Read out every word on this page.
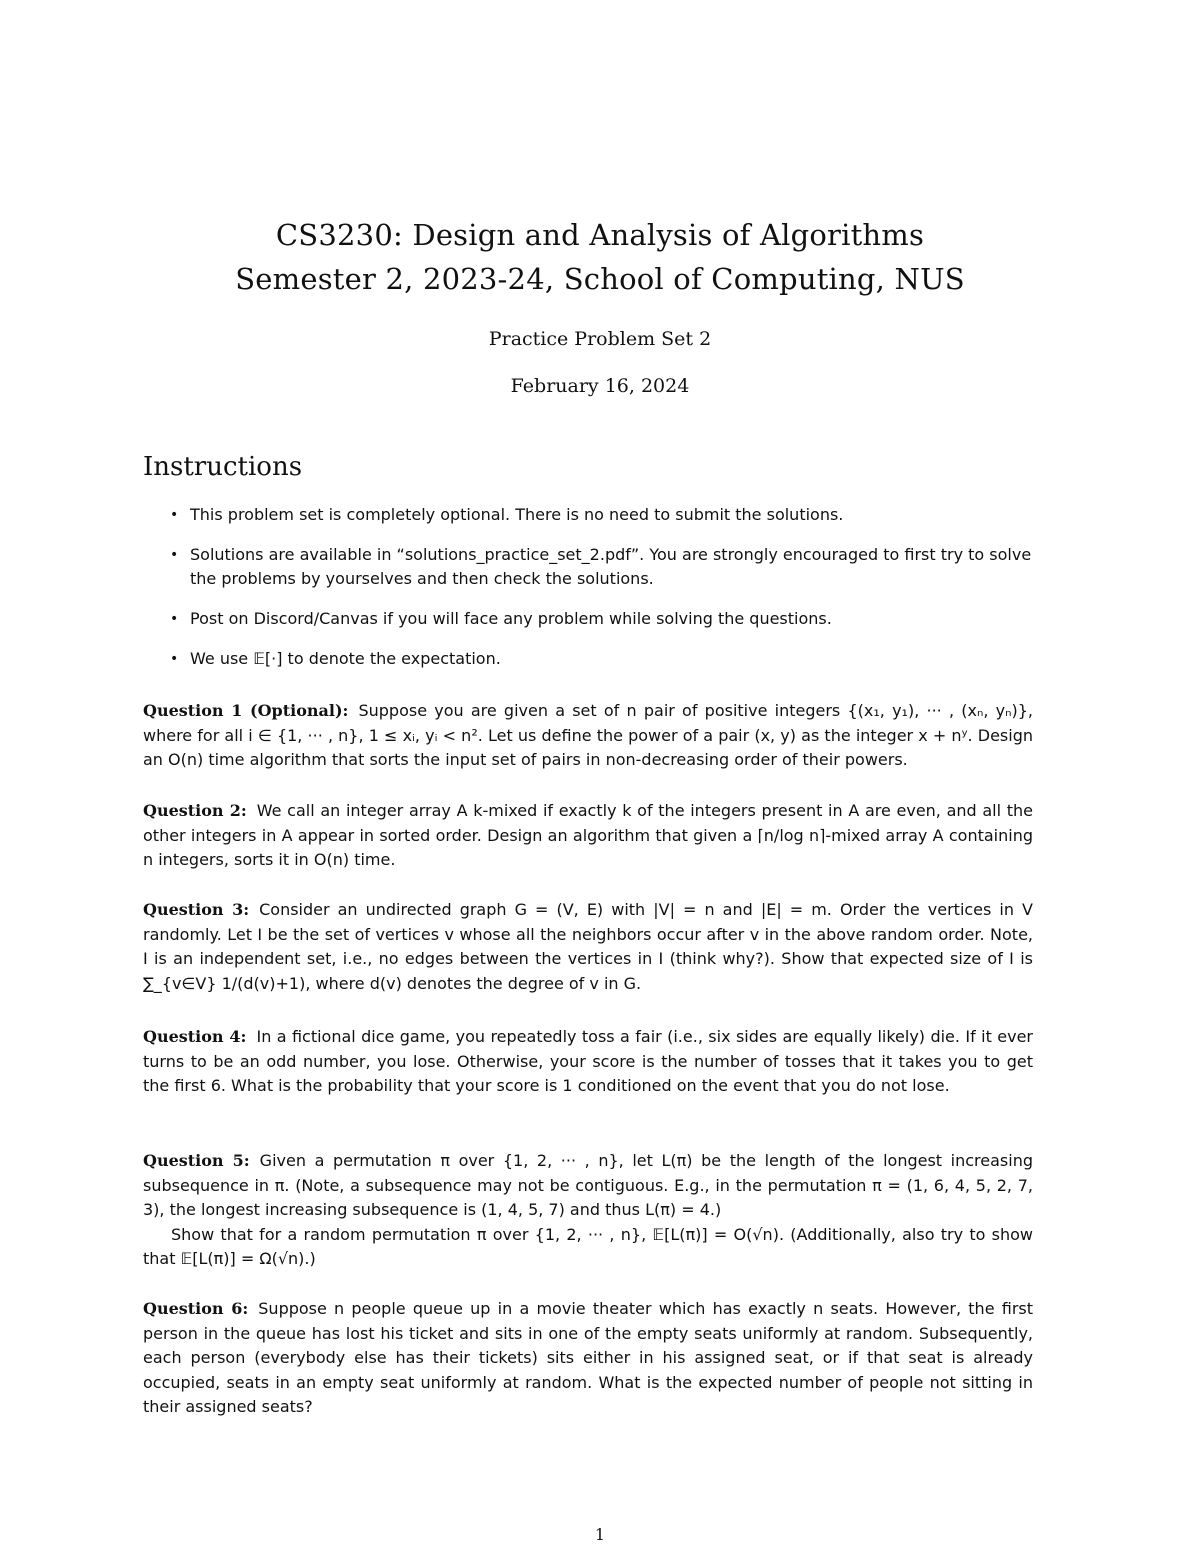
CS3230: Design and Analysis of Algorithms
Semester 2, 2023-24, School of Computing, NUS
Practice Problem Set 2
February 16, 2024
Instructions
• This problem set is completely optional. There is no need to submit the solutions.
• Solutions are available in “solutions_practice_set_2.pdf”. You are strongly encouraged to first try to solve the problems by yourselves and then check the solutions.
• Post on Discord/Canvas if you will face any problem while solving the questions.
• We use 𝔼[·] to denote the expectation.
Question 1 (Optional): Suppose you are given a set of n pair of positive integers {(x₁, y₁), ··· , (xₙ, yₙ)}, where for all i ∈ {1, ··· , n}, 1 ≤ xᵢ, yᵢ < n². Let us define the power of a pair (x, y) as the integer x + nʸ. Design an O(n) time algorithm that sorts the input set of pairs in non-decreasing order of their powers.
Question 2: We call an integer array A k-mixed if exactly k of the integers present in A are even, and all the other integers in A appear in sorted order. Design an algorithm that given a ⌈n/log n⌉-mixed array A containing n integers, sorts it in O(n) time.
Question 3: Consider an undirected graph G = (V, E) with |V| = n and |E| = m. Order the vertices in V randomly. Let I be the set of vertices v whose all the neighbors occur after v in the above random order. Note, I is an independent set, i.e., no edges between the vertices in I (think why?). Show that expected size of I is ∑_{v∈V} 1/(d(v)+1), where d(v) denotes the degree of v in G.
Question 4: In a fictional dice game, you repeatedly toss a fair (i.e., six sides are equally likely) die. If it ever turns to be an odd number, you lose. Otherwise, your score is the number of tosses that it takes you to get the first 6. What is the probability that your score is 1 conditioned on the event that you do not lose.
Question 5: Given a permutation π over {1, 2, ··· , n}, let L(π) be the length of the longest increasing subsequence in π. (Note, a subsequence may not be contiguous. E.g., in the permutation π = (1, 6, 4, 5, 2, 7, 3), the longest increasing subsequence is (1, 4, 5, 7) and thus L(π) = 4.)
Show that for a random permutation π over {1, 2, ··· , n}, 𝔼[L(π)] = O(√n). (Additionally, also try to show that 𝔼[L(π)] = Ω(√n).)
Question 6: Suppose n people queue up in a movie theater which has exactly n seats. However, the first person in the queue has lost his ticket and sits in one of the empty seats uniformly at random. Subsequently, each person (everybody else has their tickets) sits either in his assigned seat, or if that seat is already occupied, seats in an empty seat uniformly at random. What is the expected number of people not sitting in their assigned seats?
1
